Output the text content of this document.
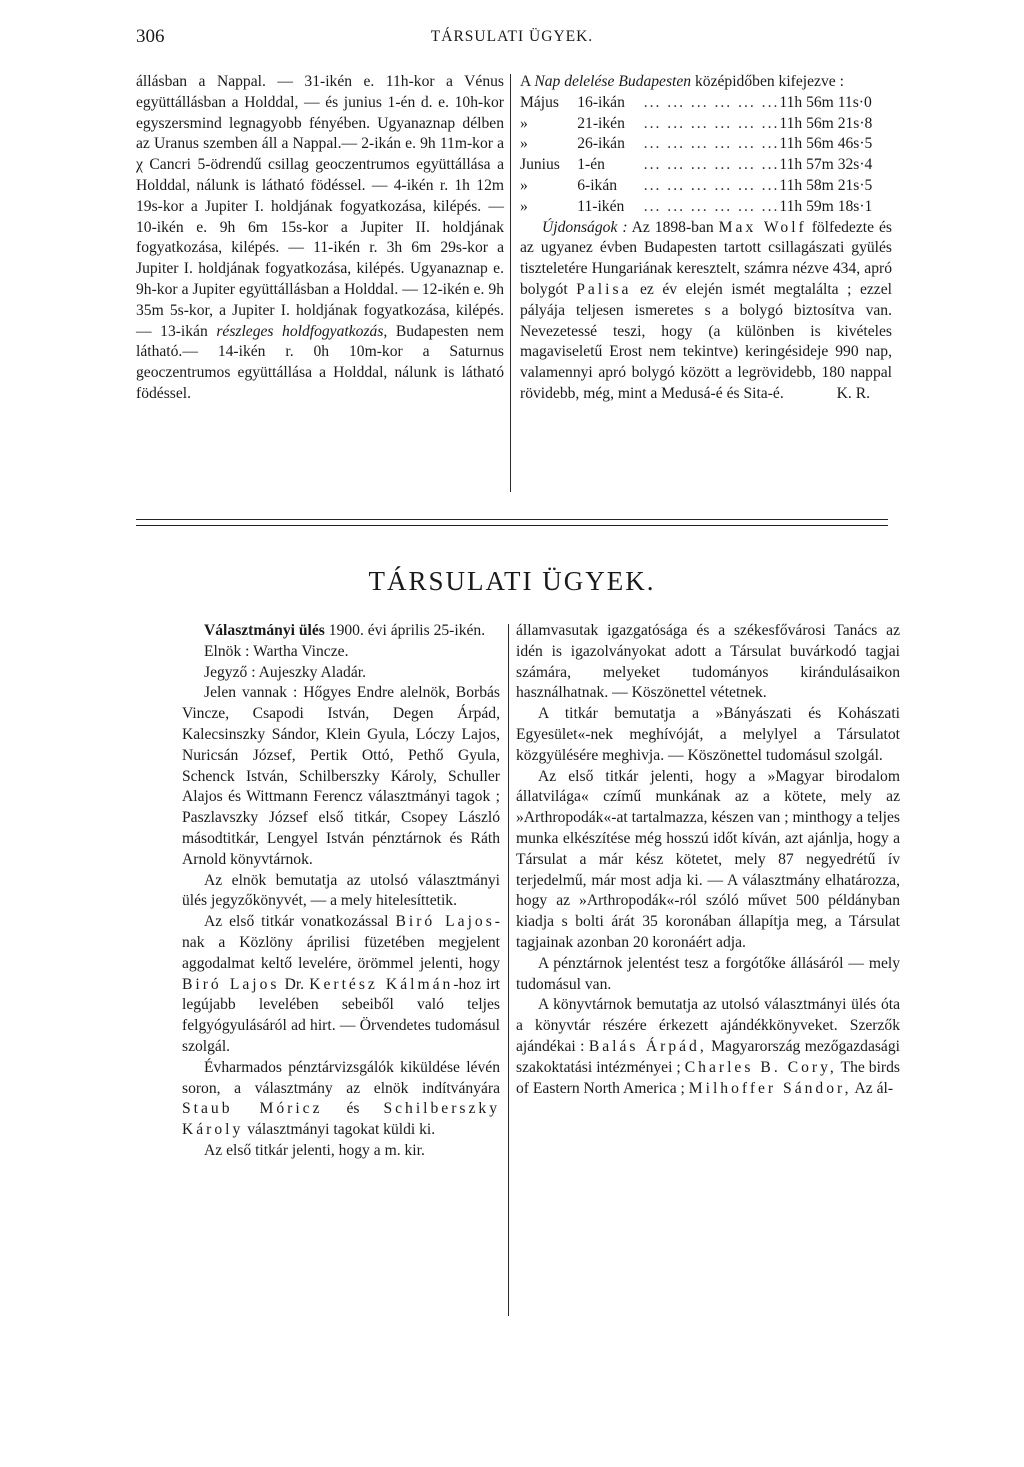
306	TÁRSULATI ÜGYEK.

állásban a Nappal. — 31-ikén e. 11h-kor a Vénus együttállásban a Holddal, — és junius 1-én d. e. 10h-kor egyszersmind legnagyobb fényében. Ugyanaznap délben az Uranus szemben áll a Nappal.— 2-ikán e. 9h 11m-kor a χ Cancri 5-ödrendű csillag geoczentrumos együttállása a Holddal, nálunk is látható födéssel. — 4-ikén r. 1h 12m 19s-kor a Jupiter I. holdjának fogyatkozása, kilépés. — 10-ikén e. 9h 6m 15s-kor a Jupiter II. holdjának fogyatkozása, kilépés. — 11-ikén r. 3h 6m 29s-kor a Jupiter I. holdjának fogyatkozása, kilépés. Ugyanaznap e. 9h-kor a Jupiter együttállásban a Holddal. — 12-ikén e. 9h 35m 5s-kor, a Jupiter I. holdjának fogyatkozása, kilépés. — 13-ikán részleges holdfogyatkozás, Budapesten nem látható.— 14-ikén r. 0h 10m-kor a Saturnus geoczentrumos együttállása a Holddal, nálunk is látható födéssel.

A Nap delelése Budapesten középidőben kifejezve :

Május	16-ikán	... ... ... ... ... ... 11h 56m 11s·0
»	21-ikén	... ... ... ... ... ... 11h 56m 21s·8
»	26-ikán	... ... ... ... ... ... 11h 56m 46s·5
Junius	1-én	... ... ... ... ... ... 11h 57m 32s·4
»	6-ikán	... ... ... ... ... ... 11h 58m 21s·5
»	11-ikén	... ... ... ... ... ... 11h 59m 18s·1

Újdonságok : Az 1898-ban Max Wolf fölfedezte és az ugyanez évben Budapesten tartott csillagászati gyülés tiszteletére Hungariának keresztelt, számra nézve 434, apró bolygót Palisa ez év elején ismét megtalálta ; ezzel pályája teljesen ismeretes s a bolygó biztosítva van. Nevezetessé teszi, hogy (a különben is kivételes magaviseletű Erost nem tekintve) keringésideje 990 nap, valamennyi apró bolygó között a legrövidebb, 180 nappal rövidebb, még, mint a Medusá-é és Sita-é.	K. R.

TÁRSULATI ÜGYEK.

Választmányi ülés 1900. évi április 25-ikén.

Elnök : Wartha Vincze.

Jegyző : Aujeszky Aladár.

Jelen vannak : Hőgyes Endre alelnök, Borbás Vincze, Csapodi István, Degen Árpád, Kalecsinszky Sándor, Klein Gyula, Lóczy Lajos, Nuricsán József, Pertik Ottó, Pethő Gyula, Schenck István, Schilberszky Károly, Schuller Alajos és Wittmann Ferencz választmányi tagok ; Paszlavszky József első titkár, Csopey László másodtitkár, Lengyel István pénztárnok és Ráth Arnold könyvtárnok.

Az elnök bemutatja az utolsó választmányi ülés jegyzőkönyvét, — a mely hitelesíttetik.

Az első titkár vonatkozással Biró Lajos-nak a Közlöny áprilisi füzetében megjelent aggodalmat keltő levelére, örömmel jelenti, hogy Biró Lajos Dr. Kertész Kálmán-hoz irt legújabb levelében sebeiből való teljes felgyógyulásáról ad hirt. — Örvendetes tudomásul szolgál.

Évharmados pénztárvizsgálók kiküldése lévén soron, a választmány az elnök indítványára Staub Móricz és Schilberszky Károly választmányi tagokat küldi ki.

Az első titkár jelenti, hogy a m. kir.

államvasutak igazgatósága és a székesfővárosi Tanács az idén is igazolványokat adott a Társulat buvárkodó tagjai számára, melyeket tudományos kirándulásaikon használhatnak. — Köszönettel vétetnek.

A titkár bemutatja a »Bányászati és Kohászati Egyesület«-nek meghívóját, a melylyel a Társulatot közgyülésére meghivja. — Köszönettel tudomásul szolgál.

Az első titkár jelenti, hogy a »Magyar birodalom állatvilága« czímű munkának az a kötete, mely az »Arthropodák«-at tartalmazza, készen van ; minthogy a teljes munka elkészítése még hosszú időt kíván, azt ajánlja, hogy a Társulat a már kész kötetet, mely 87 negyedrétű ív terjedelmű, már most adja ki. — A választmány elhatározza, hogy az »Arthropodák«-ról szóló művet 500 példányban kiadja s bolti árát 35 koronában állapítja meg, a Társulat tagjainak azonban 20 koronáért adja.

A pénztárnok jelentést tesz a forgótőke állásáról — mely tudomásul van.

A könyvtárnok bemutatja az utolsó választmányi ülés óta a könyvtár részére érkezett ajándékkönyveket. Szerzők ajándékai : Balás Árpád, Magyarország mezőgazdasági szakoktatási intézményei ; Charles B. Cory, The birds of Eastern North America ; Milhoffer Sándor, Az ál-
